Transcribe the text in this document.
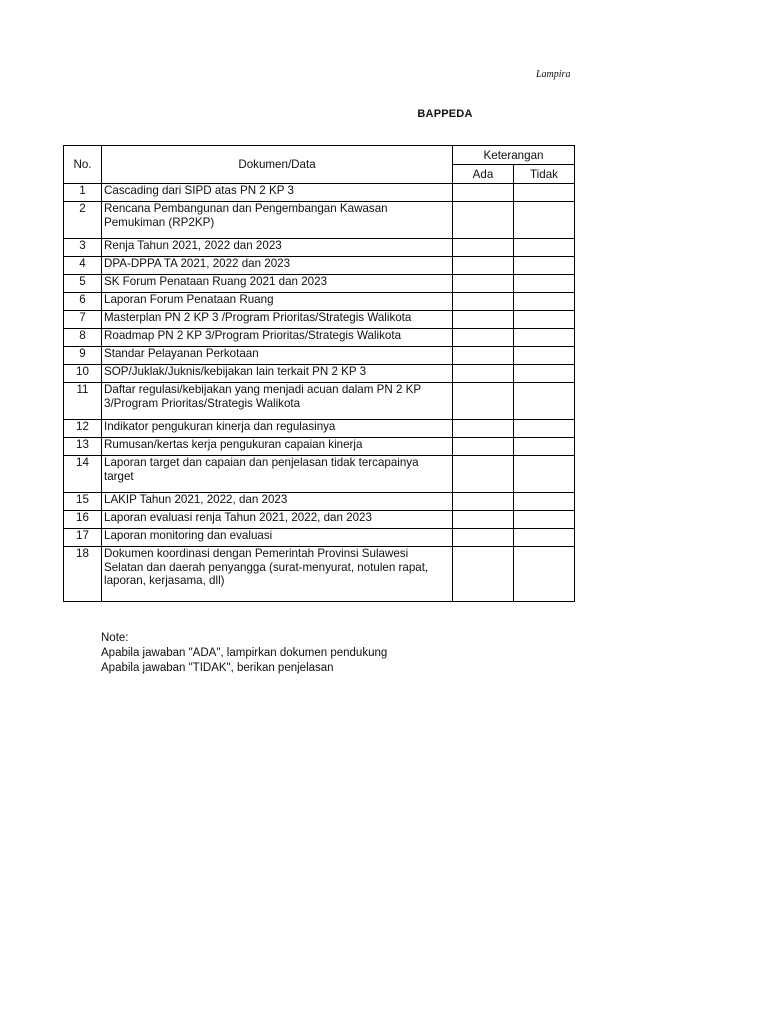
Lampira
BAPPEDA
No.	Dokumen/Data	Keterangan	
		Ada	Tidak
1	Cascading dari SIPD atas PN 2 KP 3		
2	Rencana Pembangunan dan Pengembangan Kawasan Pemukiman (RP2KP)		
3	Renja Tahun 2021, 2022 dan 2023		
4	DPA-DPPA TA 2021, 2022 dan 2023		
5	SK Forum Penataan Ruang 2021 dan 2023		
6	Laporan Forum Penataan Ruang		
7	Masterplan PN 2 KP 3 /Program Prioritas/Strategis Walikota		
8	Roadmap PN 2 KP 3/Program Prioritas/Strategis Walikota		
9	Standar Pelayanan Perkotaan		
10	SOP/Juklak/Juknis/kebijakan lain terkait PN 2 KP 3		
11	Daftar regulasi/kebijakan yang menjadi acuan dalam PN 2 KP 3/Program Prioritas/Strategis Walikota		
12	Indikator pengukuran kinerja dan regulasinya		
13	Rumusan/kertas kerja pengukuran capaian kinerja		
14	Laporan target dan capaian dan penjelasan tidak tercapainya target		
15	LAKIP Tahun 2021, 2022, dan 2023		
16	Laporan evaluasi renja Tahun 2021, 2022, dan 2023		
17	Laporan monitoring dan evaluasi		
18	Dokumen koordinasi dengan Pemerintah Provinsi Sulawesi Selatan dan daerah penyangga (surat-menyurat, notulen rapat, laporan, kerjasama, dll)		
Note:
Apabila jawaban "ADA", lampirkan dokumen pendukung
Apabila jawaban "TIDAK", berikan penjelasan
